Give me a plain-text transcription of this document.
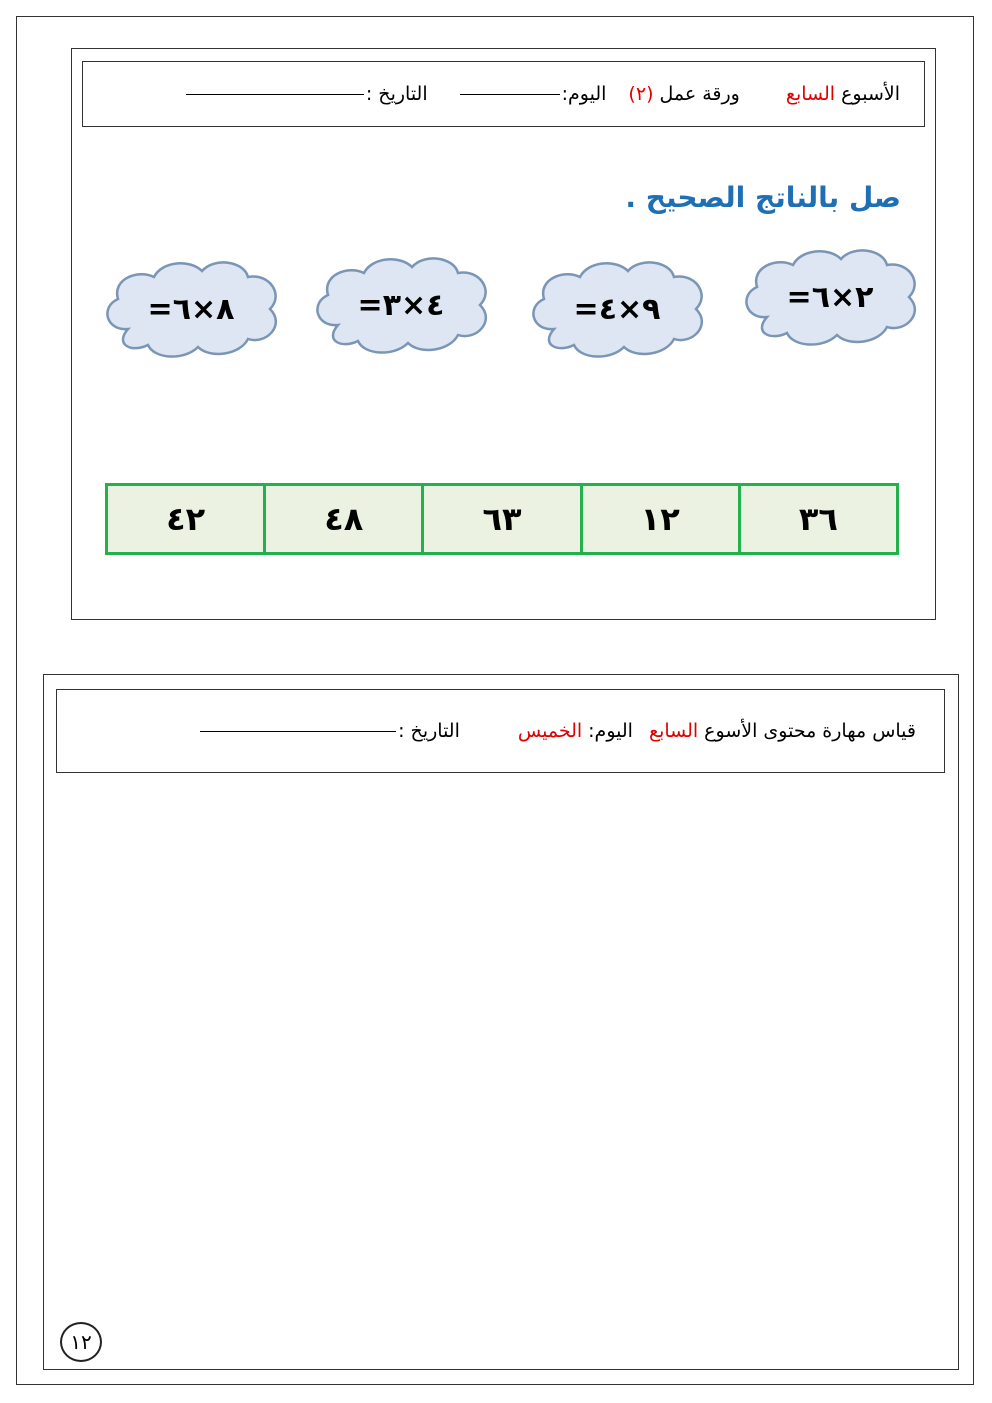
الأسبوع
السابع
ورقة عمل
(٢)
اليوم:
التاريخ :
صل بالناتج الصحيح .
=٢×٦
=٩×٤
=٤×٣
=٨×٦
٣٦
١٢
٦٣
٤٨
٤٢
قياس مهارة محتوى الأسوع
السابع
اليوم:
الخميس
التاريخ :
١٢
